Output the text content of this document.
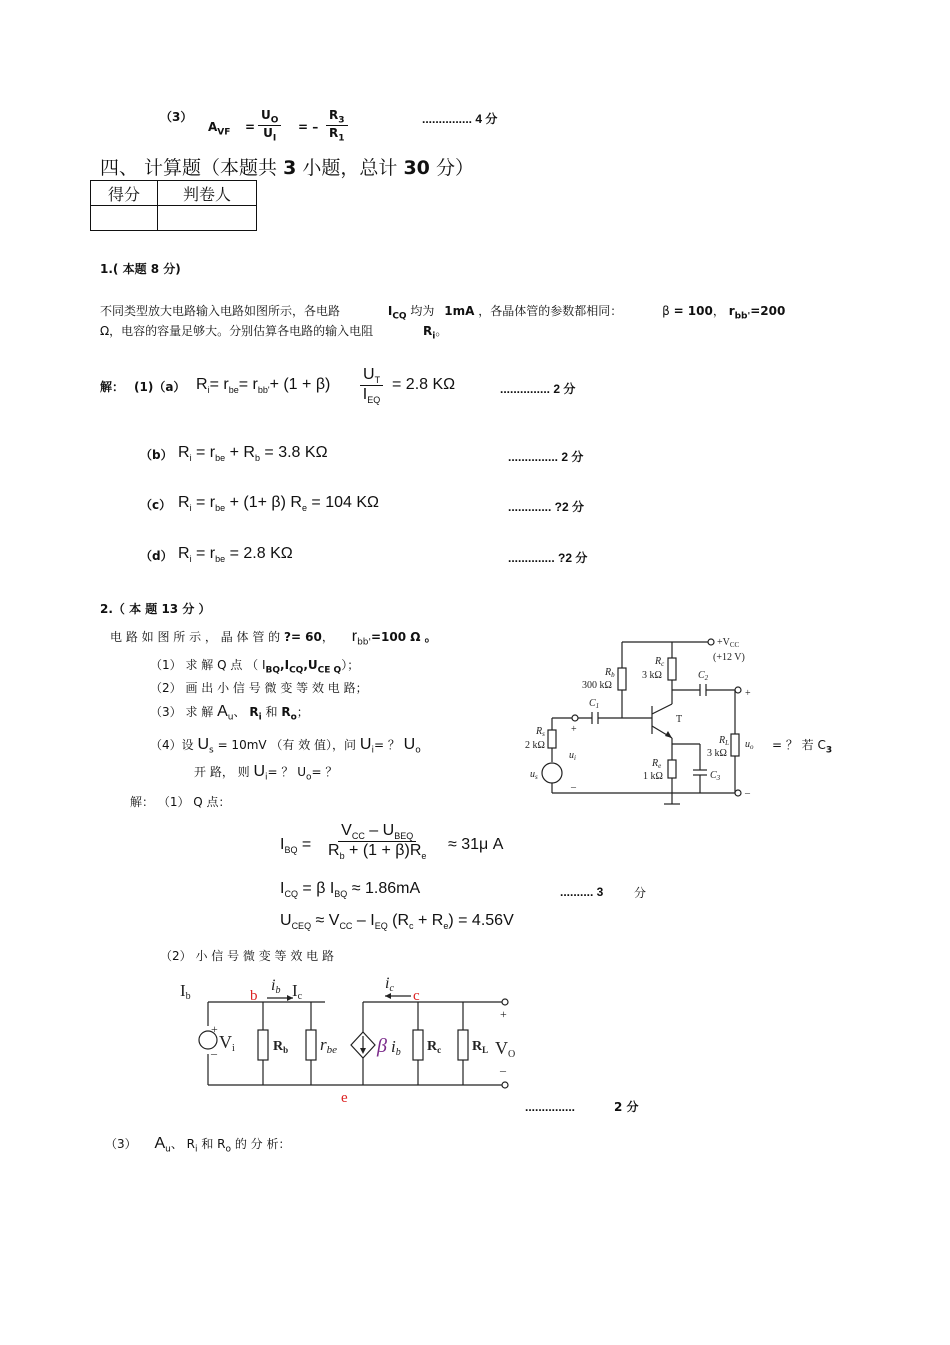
（3）
$A_{VF} = \frac{U_O}{U_I}$ = – $\frac{R_3}{R_1}$	............... 4 分
四、 计算题（本题共 3 小题，总计 30 分）
得分	判卷人

1.( 本题 8 分)
不同类型放大电路输入电路如图所示，各电路	$I_{CQ}$ 均为 1mA ，各晶体管的参数都相同：	β = 100， $r_{bb'}=200$
Ω，电容的容量足够大。分别估算各电路的输入电阻	$R_i$。
解： (1)（a） $R_i= r_{be}= r_{bb'}+ (1 + \beta)$
$U_T$
$I_{EQ}$
= 2.8 KΩ	............... 2 分
（b） $R_i = r_{be} + R_b = 3.8$ KΩ	............... 2 分
（c） $R_i = r_{be} + (1+ \beta) R_e = 104$ KΩ	............. ?2 分
（d） $R_i = r_{be} = 2.8$ KΩ	.............. ?2 分
2.（ 本 题 13 分 ）
电 路 如 图 所 示 ， 晶 体 管 的 ?= 60， $r_{bb'}=100$ Ω 。
（1） 求 解 Q 点 （ $I_{BQ},I_{CQ},U_{CE Q}$）；
（2） 画 出 小 信 号 微 变 等 效 电 路；
（3） 求 解 $A_u$、 $R_i$ 和 $R_o$；
（4）设 $U_s = 10mV$ （有 效 值），问 $U_i=$ ？ $U_o$	= ？ 若 $C_3$
开 路， 则 $U_i=$ ？ $U_o=$ ？
$+V_{CC}$
(+12 V)
$R_b$
300 kΩ
$R_c$
3 kΩ	$C_2$
$C_1$
T
$R_s$
2 kΩ	$R_L$
3 kΩ
$R_e$
1 kΩ	$C_3$
$u_i$
$u_s$
$u_o$
+
–
+
–
解： （1） Q 点：
$I_{BQ}$ =
$V_{CC} - U_{BEQ}$
$R_b + (1 + \beta)R_e$
≈ 31μ A
$I_{CQ} = \beta$ $I_{BQ} \approx 1.86mA$	.......... 3	分
$U_{CEQ} \approx V_{CC} - I_{EQ}$ $(R_c + R_e) = 4.56V$
（2） 小 信 号 微 变 等 效 电 路
Ib	b
ib Ic
ic c
Vi	$R_b$ rbe β ib $R_c$ $R_L$ VO
e
+
–
+
–
...............	2 分
（3） $A_u$、 $R_i$ 和 $R_o$ 的 分 析：
